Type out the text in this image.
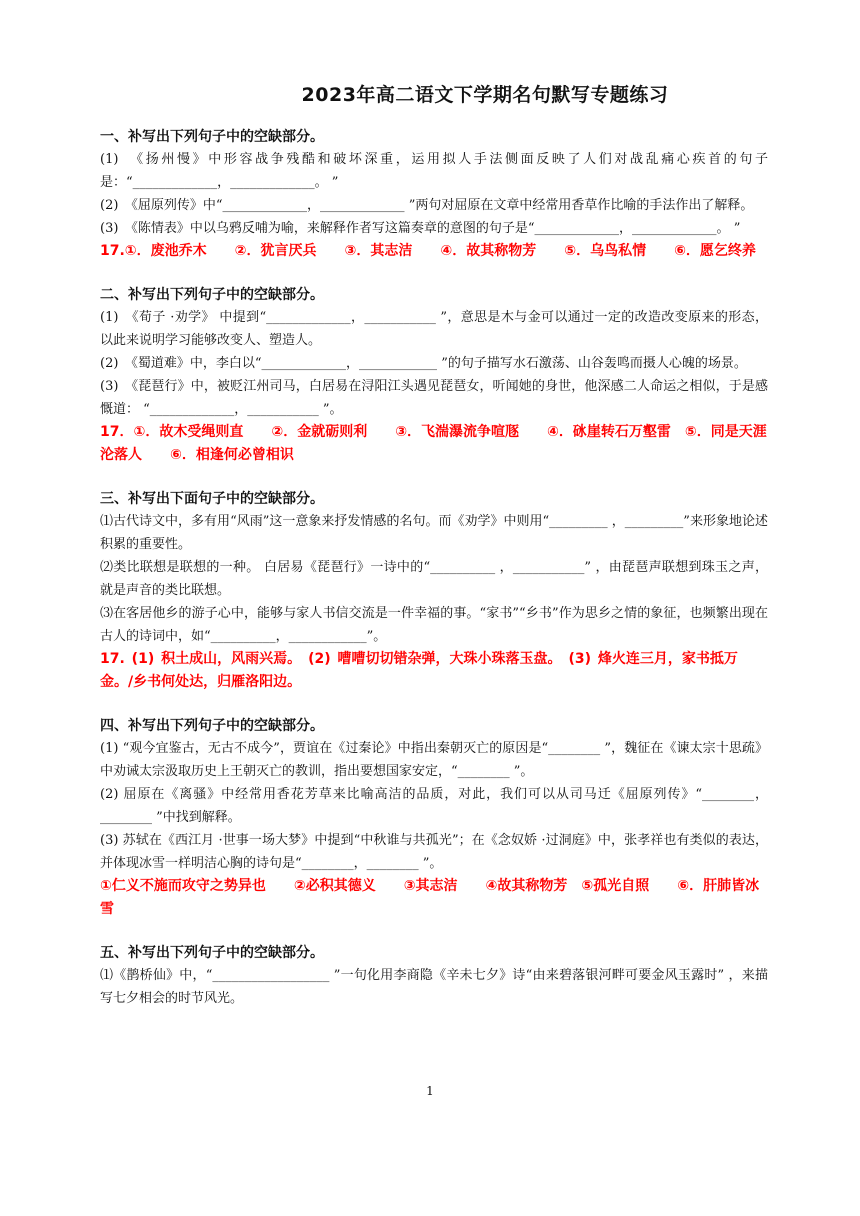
2023年高二语文下学期名句默写专题练习

一、补写出下列句子中的空缺部分。

(1)　《扬州慢》中形容战争残酷和破坏深重，运用拟人手法侧面反映了人们对战乱痛心疾首的句子是：“_____________，_____________。 ”

(2)　《屈原列传》中“_____________，_____________ ”两句对屈原在文章中经常用香草作比喻的手法作出了解释。

(3)　《陈情表》中以乌鸦反哺为喻，来解释作者写这篇奏章的意图的句子是“_____________，_____________。 ”

17.①．废池乔木　　②．犹言厌兵　　③．其志洁　　④．故其称物芳　　⑤．乌鸟私情　　⑥．愿乞终养

二、补写出下列句子中的空缺部分。

(1)　《荀子 ·劝学》 中提到“_____________，___________ ”，意思是木与金可以通过一定的改造改变原来的形态， 以此来说明学习能够改变人、塑造人。

(2)　《蜀道难》中，李白以“_____________，____________ ”的句子描写水石激荡、山谷轰鸣而摄人心魄的场景。

(3)　《琵琶行》中，被贬江州司马，白居易在浔阳江头遇见琵琶女，听闻她的身世，他深感二人命运之相似，于是感慨道： “_____________，___________ ”。

17．①．故木受绳则直　　②．金就砺则利　　③．飞湍瀑流争喧豗　　④．砯崖转石万壑雷　⑤．同是天涯沦落人　　⑥．相逢何必曾相识

三、补写出下面句子中的空缺部分。

⑴古代诗文中，多有用“风雨”这一意象来抒发情感的名句。而《劝学》中则用“_________ ，_________”来形象地论述积累的重要性。

⑵类比联想是联想的一种。 白居易《琵琶行》一诗中的“__________ ，___________” ，由琵琶声联想到珠玉之声，就是声音的类比联想。

⑶在客居他乡的游子心中，能够与家人书信交流是一件幸福的事。“家书”“乡书”作为思乡之情的象征，也频繁出现在古人的诗词中，如“__________，____________”。

17. (1) 积土成山，风雨兴焉。　(2) 嘈嘈切切错杂弹，大珠小珠落玉盘。　(3) 烽火连三月，家书抵万金。/乡书何处达，归雁洛阳边。

四、补写出下列句子中的空缺部分。

(1) “观今宜鉴古，无古不成今”，贾谊在《过秦论》中指出秦朝灭亡的原因是“________ ”，魏征在《谏太宗十思疏》中劝诫太宗汲取历史上王朝灭亡的教训，指出要想国家安定，“________ ”。

(2) 屈原在《离骚》中经常用香花芳草来比喻高洁的品质，对此，我们可以从司马迁《屈原列传》“________，________ ”中找到解释。

(3) 苏轼在《西江月 ·世事一场大梦》中提到“中秋谁与共孤光”；在《念奴娇 ·过洞庭》中，张孝祥也有类似的表达，并体现冰雪一样明洁心胸的诗句是“________，________ ”。

①仁义不施而攻守之势异也　　②必积其德义　　③其志洁　　④故其称物芳　⑤孤光自照　　⑥．肝肺皆冰雪

五、补写出下列句子中的空缺部分。

⑴《鹊桥仙》中，“__________________ ”一句化用李商隐《辛未七夕》诗“由来碧落银河畔可要金风玉露时” ，来描写七夕相会的时节风光。

1
